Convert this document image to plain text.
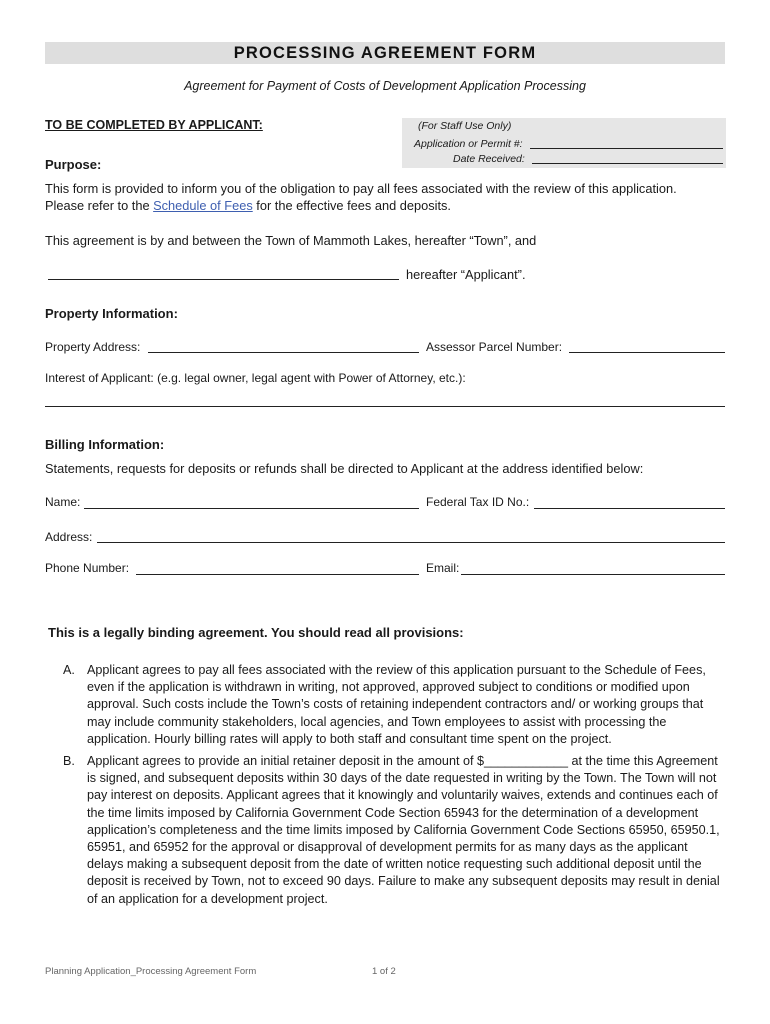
PROCESSING AGREEMENT FORM
Agreement for Payment of Costs of Development Application Processing
TO BE COMPLETED BY APPLICANT:	(For Staff Use Only)
Application or Permit #:
Date Received:
Purpose:
This form is provided to inform you of the obligation to pay all fees associated with the review of this application.
Please refer to the Schedule of Fees for the effective fees and deposits.
This agreement is by and between the Town of Mammoth Lakes, hereafter “Town”, and
hereafter “Applicant”.
Property Information:
Property Address:	Assessor Parcel Number:
Interest of Applicant: (e.g. legal owner, legal agent with Power of Attorney, etc.):
Billing Information:
Statements, requests for deposits or refunds shall be directed to Applicant at the address identified below:
Name:	Federal Tax ID No.:
Address:
Phone Number:	Email:
This is a legally binding agreement. You should read all provisions:
A. Applicant agrees to pay all fees associated with the review of this application pursuant to the Schedule of Fees, even if the application is withdrawn in writing, not approved, approved subject to conditions or modified upon approval. Such costs include the Town’s costs of retaining independent contractors and/ or working groups that may include community stakeholders, local agencies, and Town employees to assist with processing the application. Hourly billing rates will apply to both staff and consultant time spent on the project.
B. Applicant agrees to provide an initial retainer deposit in the amount of $____________ at the time this Agreement is signed, and subsequent deposits within 30 days of the date requested in writing by the Town. The Town will not pay interest on deposits. Applicant agrees that it knowingly and voluntarily waives, extends and continues each of the time limits imposed by California Government Code Section 65943 for the determination of a development application’s completeness and the time limits imposed by California Government Code Sections 65950, 65950.1, 65951, and 65952 for the approval or disapproval of development permits for as many days as the applicant delays making a subsequent deposit from the date of written notice requesting such additional deposit until the deposit is received by Town, not to exceed 90 days. Failure to make any subsequent deposits may result in denial of an application for a development project.
Planning Application_Processing Agreement Form	1 of 2
